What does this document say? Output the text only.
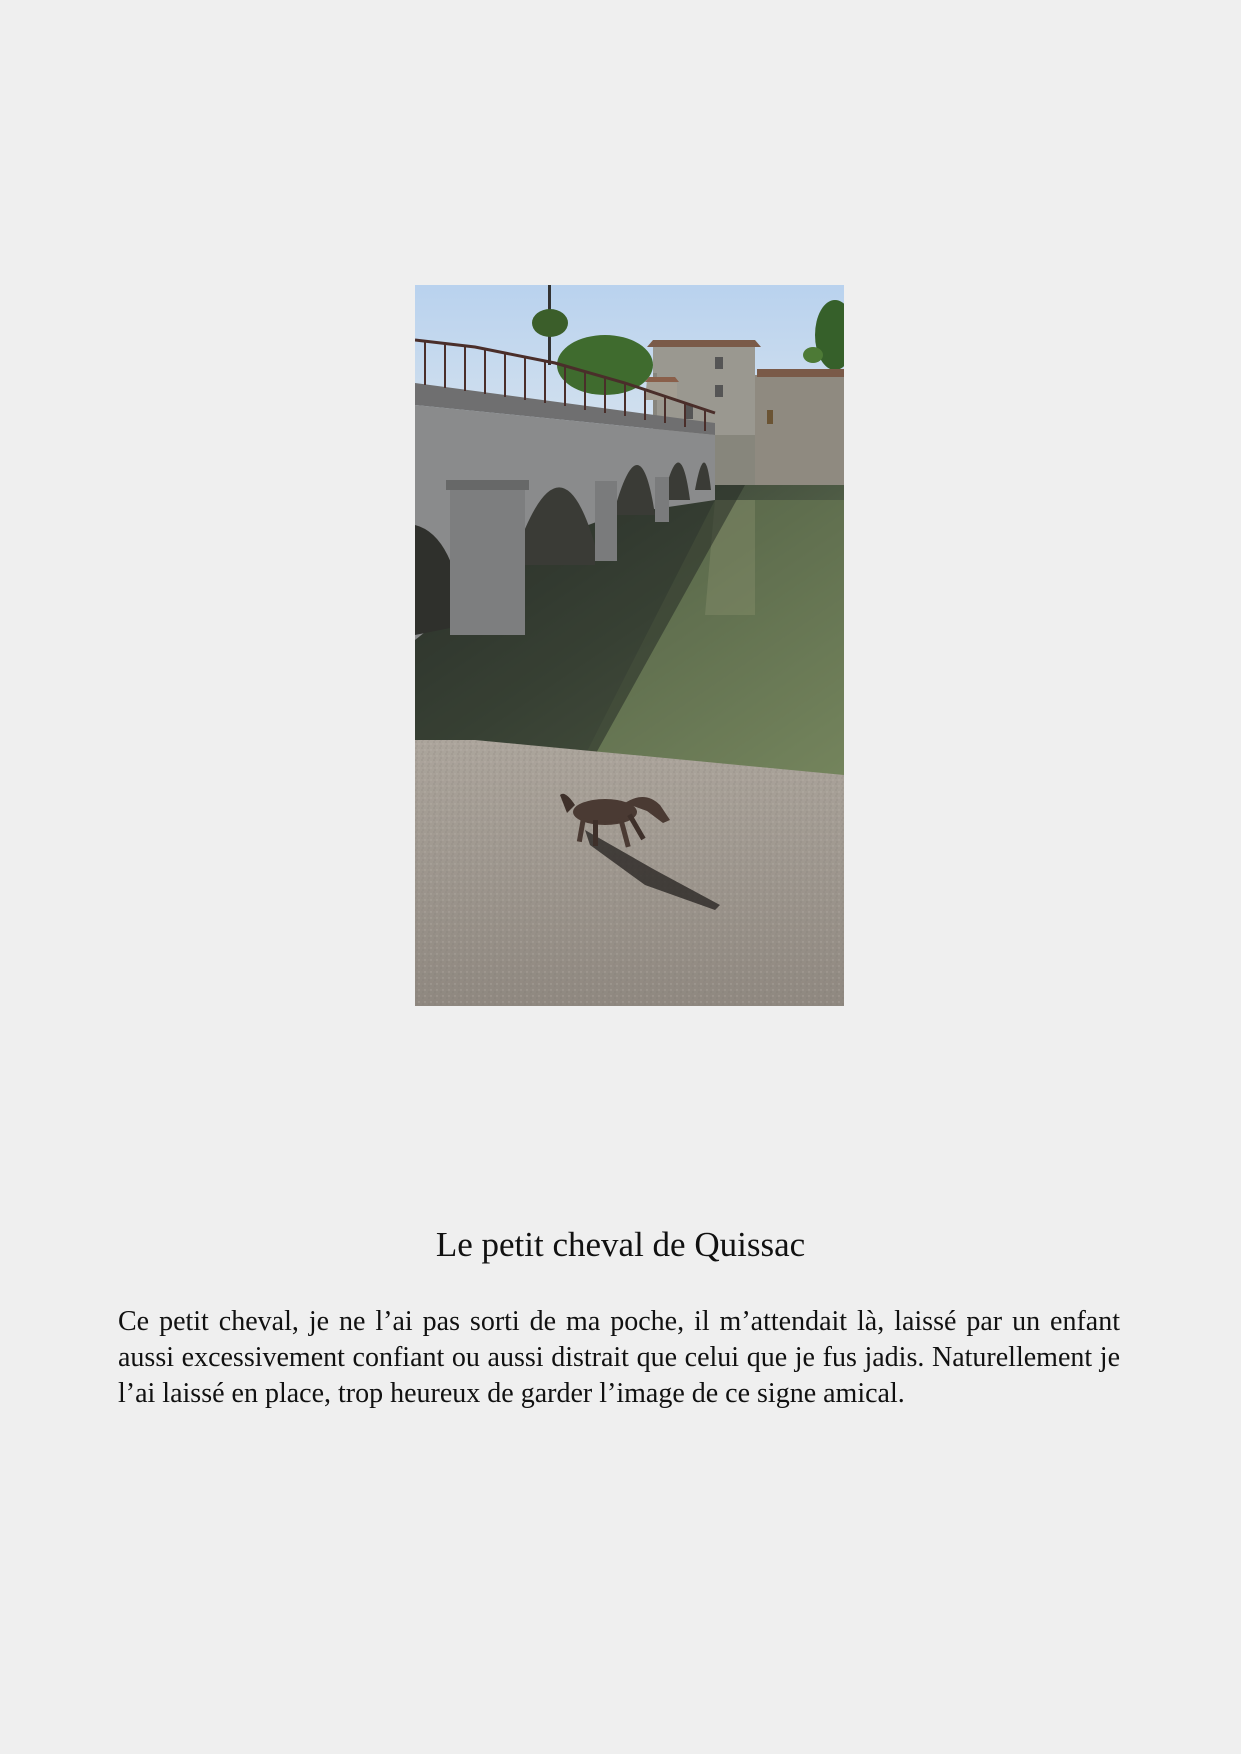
Le petit cheval de Quissac

Ce petit cheval, je ne l’ai pas sorti de ma poche, il m’attendait là, laissé par un enfant aussi excessivement confiant ou aussi distrait que celui que je fus jadis. Naturellement je l’ai laissé en place, trop heureux de garder l’image de ce signe amical.
